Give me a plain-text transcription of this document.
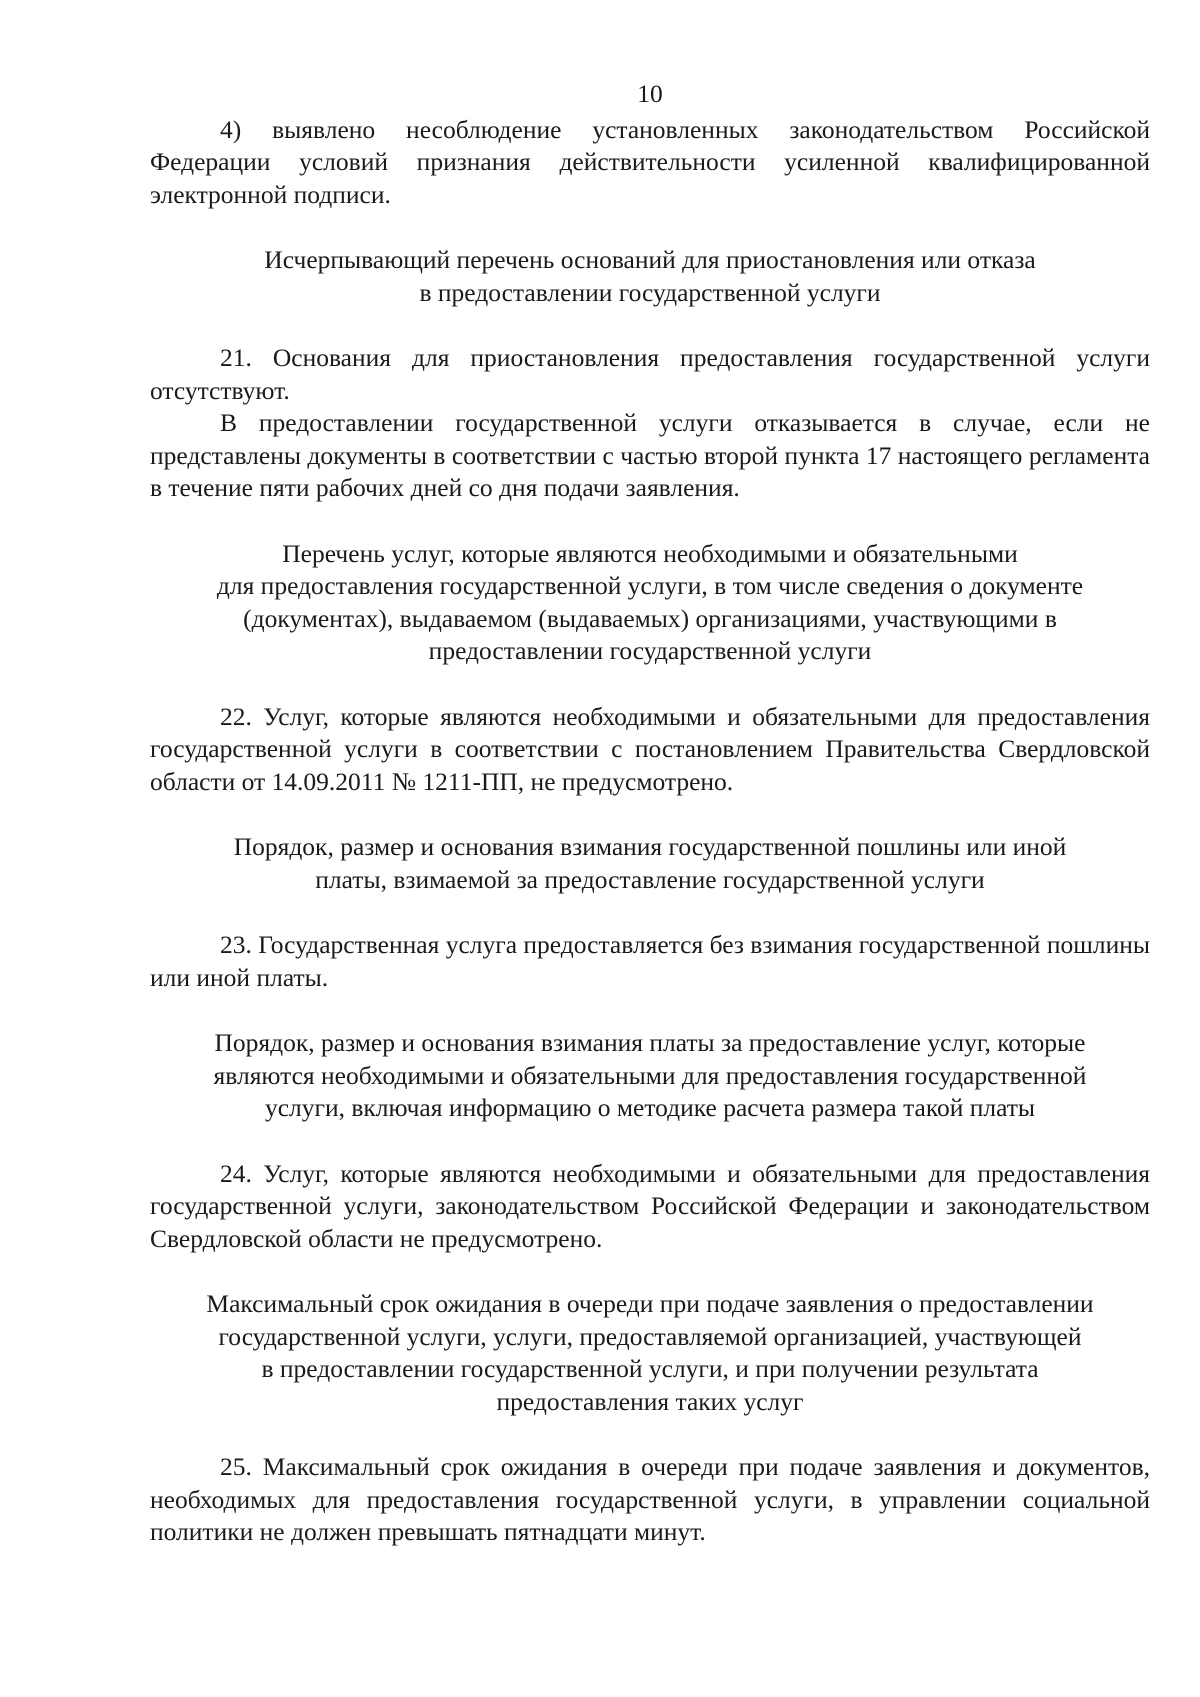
10

4) выявлено несоблюдение установленных законодательством Российской Федерации условий признания действительности усиленной квалифицированной электронной подписи.

Исчерпывающий перечень оснований для приостановления или отказа
в предоставлении государственной услуги

21. Основания для приостановления предоставления государственной услуги отсутствуют.

В предоставлении государственной услуги отказывается в случае, если не представлены документы в соответствии с частью второй пункта 17 настоящего регламента в течение пяти рабочих дней со дня подачи заявления.

Перечень услуг, которые являются необходимыми и обязательными
для предоставления государственной услуги, в том числе сведения о документе
(документах), выдаваемом (выдаваемых) организациями, участвующими в
предоставлении государственной услуги

22. Услуг, которые являются необходимыми и обязательными для предоставления государственной услуги в соответствии с постановлением Правительства Свердловской области от 14.09.2011 № 1211-ПП, не предусмотрено.

Порядок, размер и основания взимания государственной пошлины или иной
платы, взимаемой за предоставление государственной услуги

23. Государственная услуга предоставляется без взимания государственной пошлины или иной платы.

Порядок, размер и основания взимания платы за предоставление услуг, которые
являются необходимыми и обязательными для предоставления государственной
услуги, включая информацию о методике расчета размера такой платы

24. Услуг, которые являются необходимыми и обязательными для предоставления государственной услуги, законодательством Российской Федерации и законодательством Свердловской области не предусмотрено.

Максимальный срок ожидания в очереди при подаче заявления о предоставлении
государственной услуги, услуги, предоставляемой организацией, участвующей
в предоставлении государственной услуги, и при получении результата
предоставления таких услуг

25. Максимальный срок ожидания в очереди при подаче заявления и документов, необходимых для предоставления государственной услуги, в управлении социальной политики не должен превышать пятнадцати минут.
